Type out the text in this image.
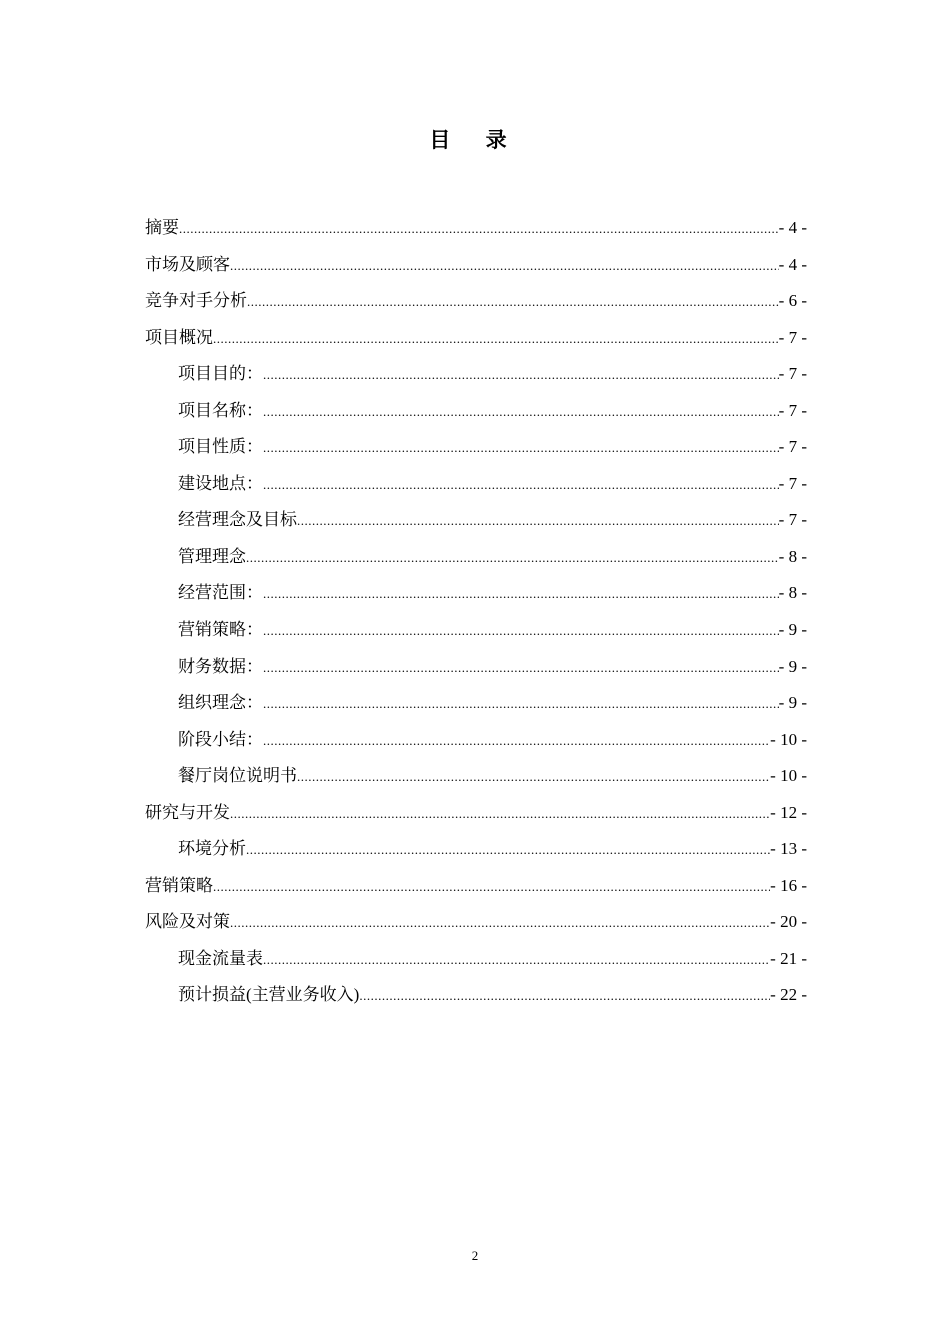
目 录
摘要 .....	- 4 -
市场及顾客 .....	- 4 -
竞争对手分析 .....	- 6 -
项目概况 .....	- 7 -
项目目的： .....	- 7 -
项目名称： .....	- 7 -
项目性质： .....	- 7 -
建设地点： .....	- 7 -
经营理念及目标 .....	- 7 -
管理理念 .....	- 8 -
经营范围： .....	- 8 -
营销策略： .....	- 9 -
财务数据： .....	- 9 -
组织理念： .....	- 9 -
阶段小结： .....	- 10 -
餐厅岗位说明书 .....	- 10 -
研究与开发 .....	- 12 -
环境分析 .....	- 13 -
营销策略 .....	- 16 -
风险及对策 .....	- 20 -
现金流量表 .....	- 21 -
预计损益(主营业务收入) .....	- 22 -
2
